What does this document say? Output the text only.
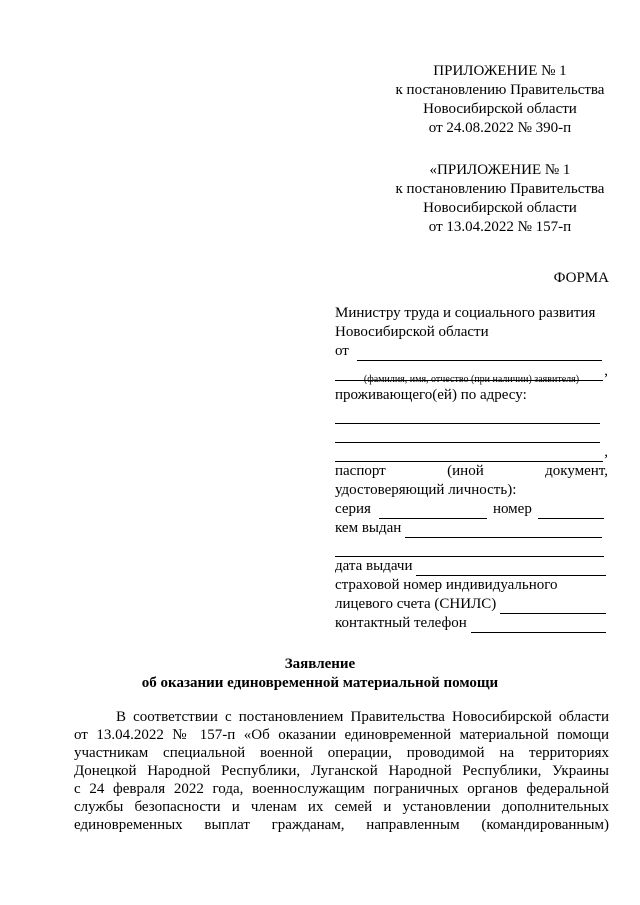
ПРИЛОЖЕНИЕ № 1
к постановлению Правительства
Новосибирской области
от 24.08.2022 № 390-п
«ПРИЛОЖЕНИЕ № 1
к постановлению Правительства
Новосибирской области
от 13.04.2022 № 157-п
ФОРМА
Министру труда и социального развития
Новосибирской области
от
,
(фамилия, имя, отчество (при наличии) заявителя)
проживающего(ей) по адресу:
,
паспорт	(иной	документ,
удостоверяющий личность):
серия	номер
кем выдан
дата выдачи
страховой номер индивидуального
лицевого счета (СНИЛС)
контактный телефон
Заявление
об оказании единовременной материальной помощи
В соответствии с постановлением Правительства Новосибирской области
от 13.04.2022 № 157-п «Об оказании единовременной материальной помощи
участникам специальной военной операции, проводимой на территориях
Донецкой Народной Республики, Луганской Народной Республики, Украины
с 24 февраля 2022 года, военнослужащим пограничных органов федеральной
службы безопасности и членам их семей и установлении дополнительных
единовременных выплат гражданам, направленным (командированным)
